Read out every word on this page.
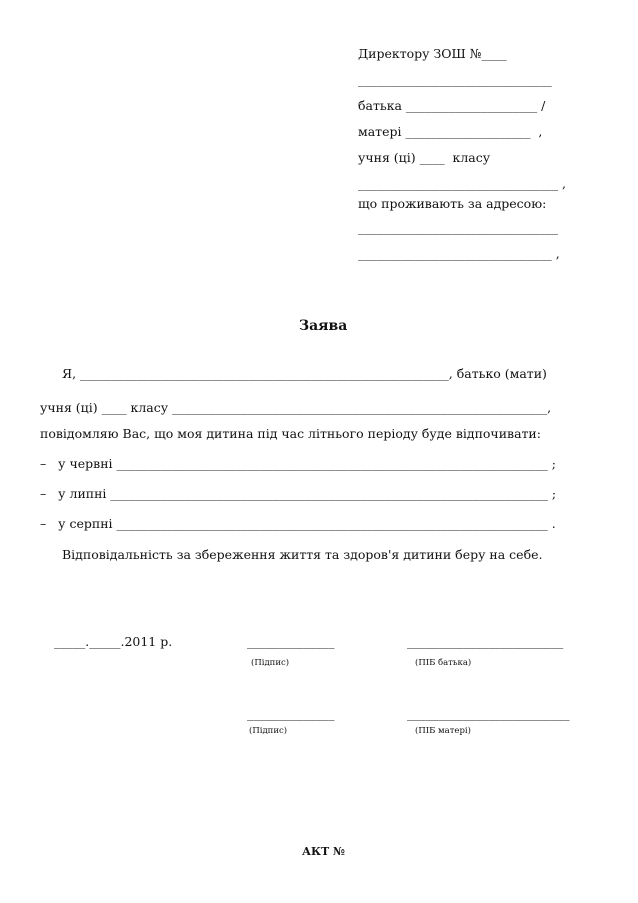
Директору ЗОШ №____
_______________________________
батька _____________________ /
матері ____________________  ,
учня (ці) ____  класу
________________________________ ,
що проживають за адресою:
________________________________
_______________________________ ,
Заява
Я, ___________________________________________________________, батько (мати)
учня (ці) ____ класу ____________________________________________________________,
повідомляю Вас, що моя дитина під час літнього періоду буде відпочивати:
–   у червні _____________________________________________________________________ ;
–   у липні ______________________________________________________________________ ;
–   у серпні _____________________________________________________________________ .
Відповідальність за збереження життя та здоров'я дитини беру на себе.
_____._____.2011 р.	______________	_________________________
(Підпис)	(ПІБ батька)
______________	__________________________
(Підпис)	(ПІБ матері)
АКТ №
